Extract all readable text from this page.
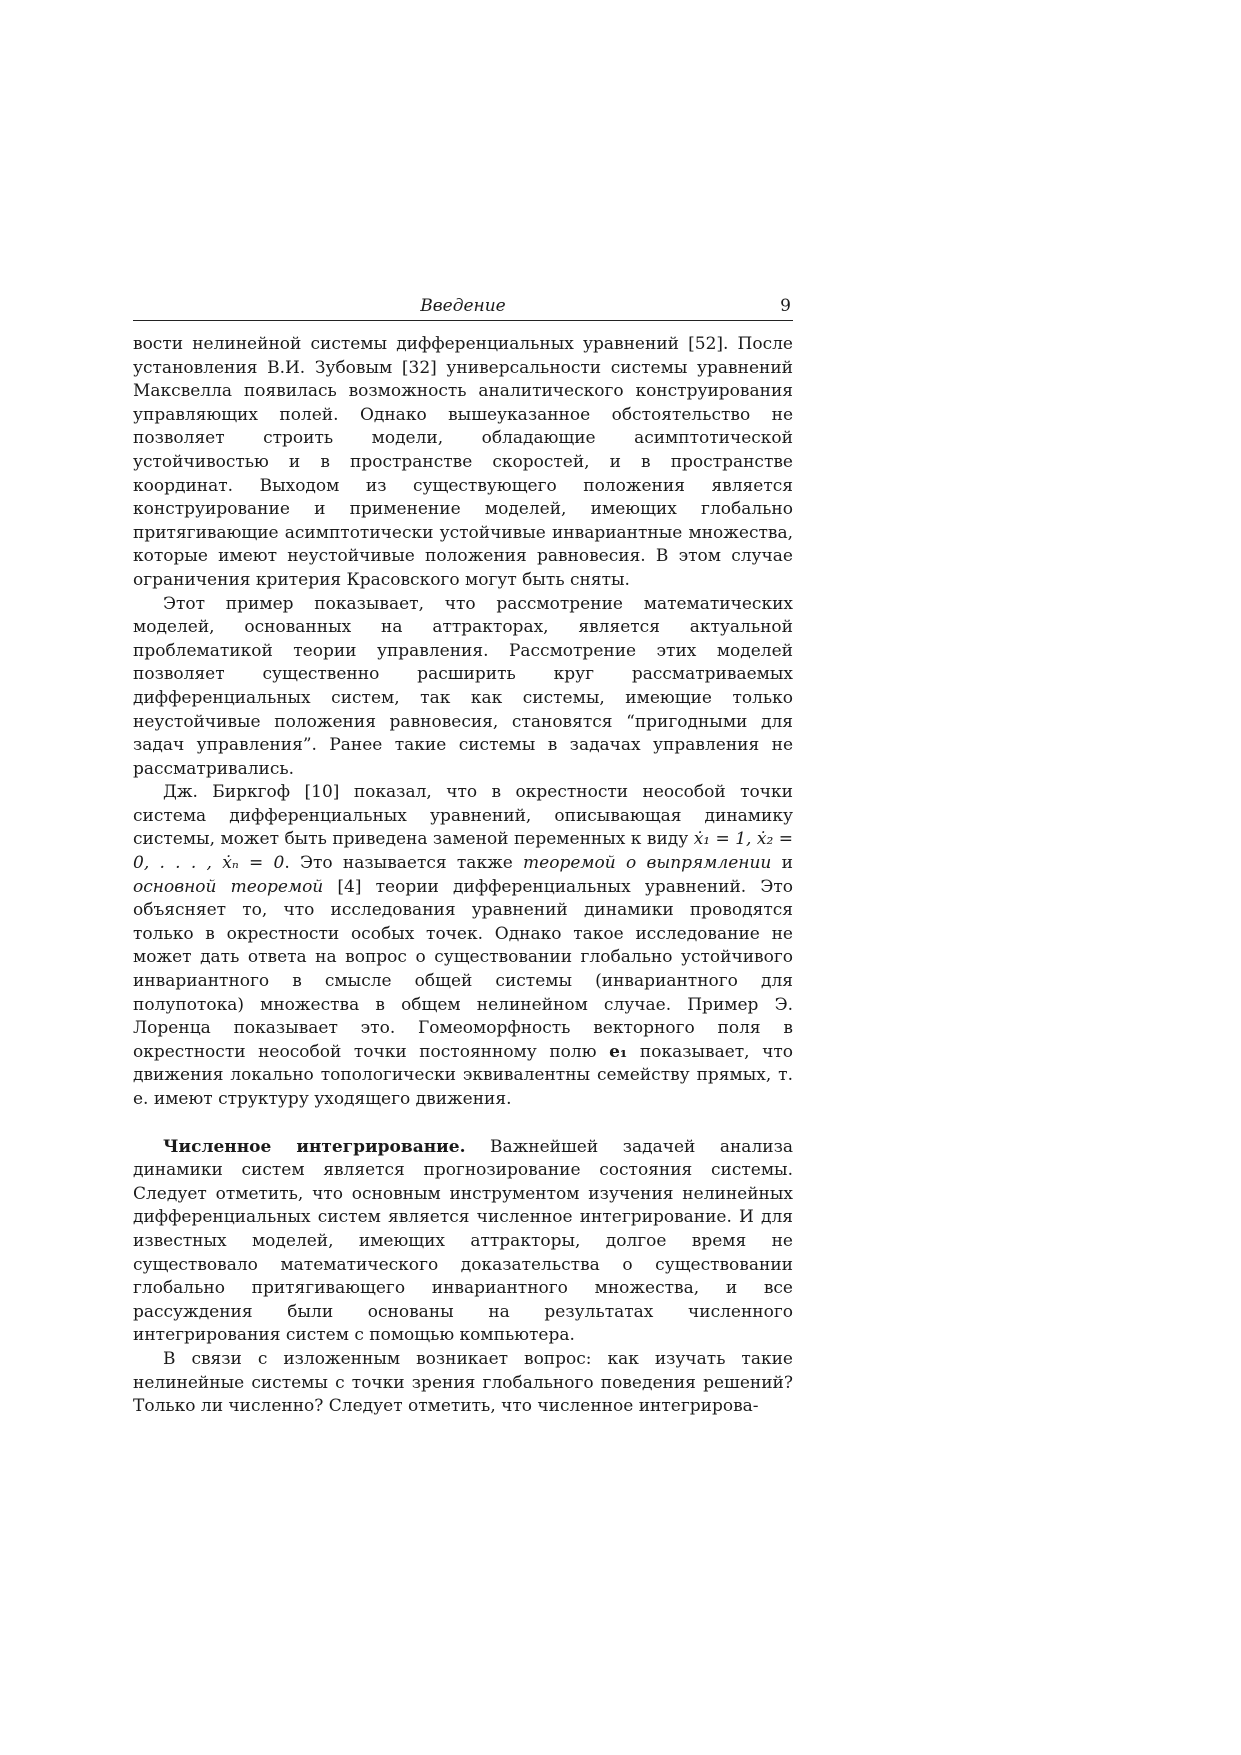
Введение	9

вости нелинейной системы дифференциальных уравнений [52]. После установления В.И. Зубовым [32] универсальности системы уравнений Максвелла появилась возможность аналитического конструирования управляющих полей. Однако вышеуказанное обстоятельство не позволяет строить модели, обладающие асимптотической устойчивостью и в пространстве скоростей, и в пространстве координат. Выходом из существующего положения является конструирование и применение моделей, имеющих глобально притягивающие асимптотически устойчивые инвариантные множества, которые имеют неустойчивые положения равновесия. В этом случае ограничения критерия Красовского могут быть сняты.

Этот пример показывает, что рассмотрение математических моделей, основанных на аттракторах, является актуальной проблематикой теории управления. Рассмотрение этих моделей позволяет существенно расширить круг рассматриваемых дифференциальных систем, так как системы, имеющие только неустойчивые положения равновесия, становятся “пригодными для задач управления”. Ранее такие системы в задачах управления не рассматривались.

Дж. Биркгоф [10] показал, что в окрестности неособой точки система дифференциальных уравнений, описывающая динамику системы, может быть приведена заменой переменных к виду ẋ₁ = 1, ẋ₂ = 0, . . . , ẋₙ = 0. Это называется также теоремой о выпрямлении и основной теоремой [4] теории дифференциальных уравнений. Это объясняет то, что исследования уравнений динамики проводятся только в окрестности особых точек. Однако такое исследование не может дать ответа на вопрос о существовании глобально устойчивого инвариантного в смысле общей системы (инвариантного для полупотока) множества в общем нелинейном случае. Пример Э. Лоренца показывает это. Гомеоморфность векторного поля в окрестности неособой точки постоянному полю e₁ показывает, что движения локально топологически эквивалентны семейству прямых, т. е. имеют структуру уходящего движения.

Численное интегрирование. Важнейшей задачей анализа динамики систем является прогнозирование состояния системы. Следует отметить, что основным инструментом изучения нелинейных дифференциальных систем является численное интегрирование. И для известных моделей, имеющих аттракторы, долгое время не существовало математического доказательства о существовании глобально притягивающего инвариантного множества, и все рассуждения были основаны на результатах численного интегрирования систем с помощью компьютера.

В связи с изложенным возникает вопрос: как изучать такие нелинейные системы с точки зрения глобального поведения решений? Только ли численно? Следует отметить, что численное интегрирова-
